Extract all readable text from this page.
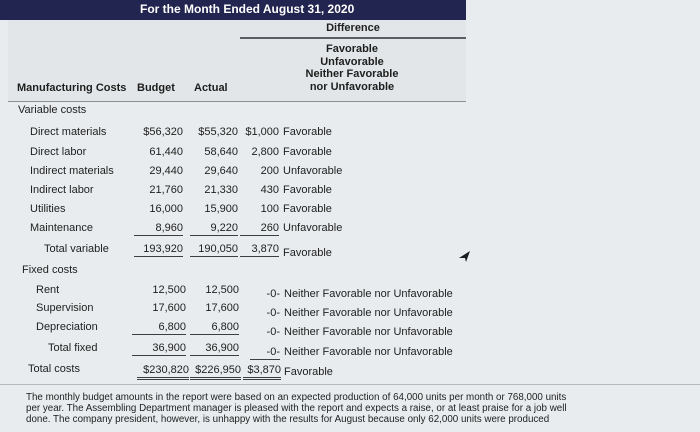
For the Month Ended August 31, 2020
Difference
Favorable
Unfavorable
Neither Favorable
nor Unfavorable
Manufacturing Costs Budget Actual
Variable costs
Direct materials	$56,320	$55,320 $1,000 Favorable
Direct labor	61,440	58,640	2,800 Favorable
Indirect materials	29,440	29,640	200 Unfavorable
Indirect labor	21,760	21,330	430 Favorable
Utilities	16,000	15,900	100 Favorable
Maintenance	8,960	9,220	260 Unfavorable
Total variable	193,920	190,050	3,870 Favorable
Fixed costs
Rent	12,500	12,500	-0- Neither Favorable nor Unfavorable
Supervision	17,600	17,600	-0- Neither Favorable nor Unfavorable
Depreciation	6,800	6,800	-0- Neither Favorable nor Unfavorable
Total fixed	36,900	36,900	-0- Neither Favorable nor Unfavorable
Total costs	$230,820 $226,950 $3,870 Favorable
The monthly budget amounts in the report were based on an expected production of 64,000 units per month or 768,000 units
per year. The Assembling Department manager is pleased with the report and expects a raise, or at least praise for a job well
done. The company president, however, is unhappy with the results for August because only 62,000 units were produced
